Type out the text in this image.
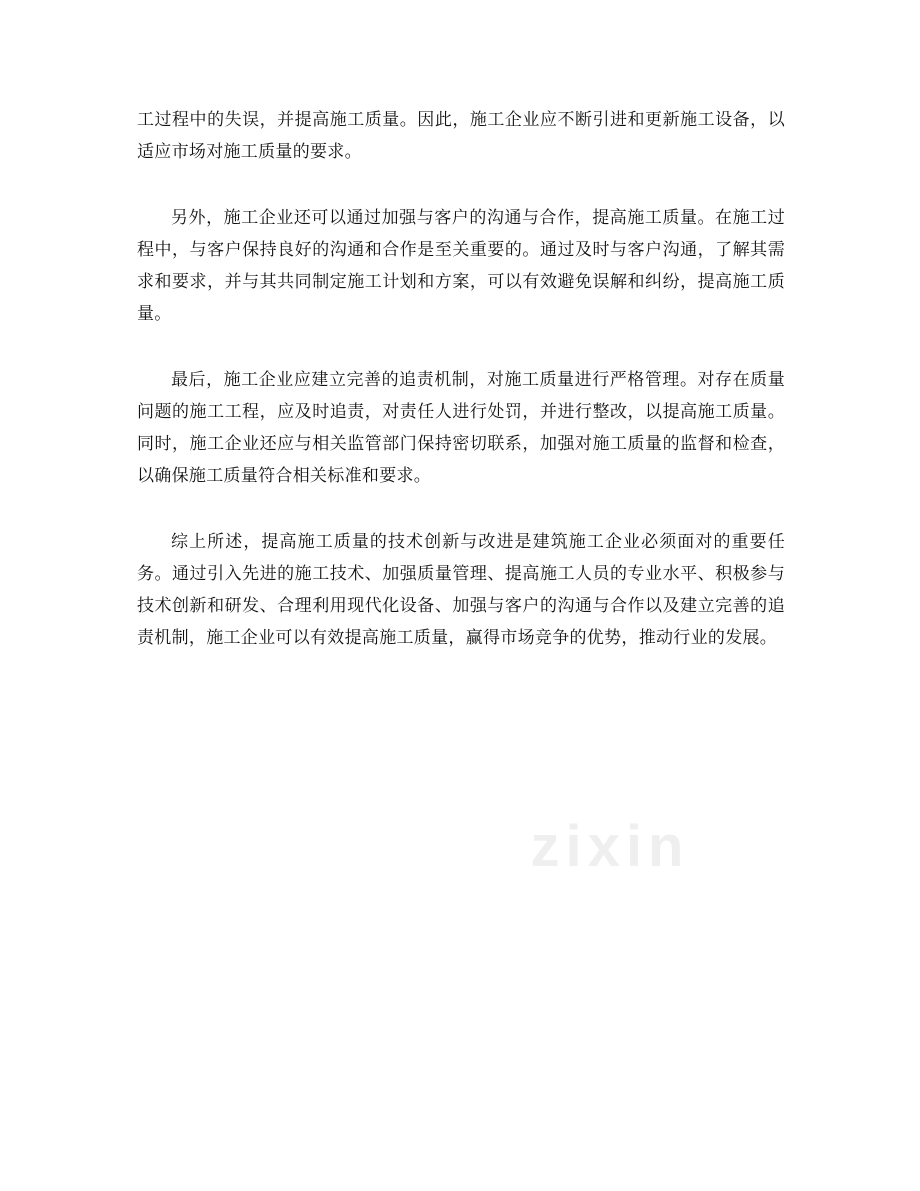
工过程中的失误，并提高施工质量。因此，施工企业应不断引进和更新施工设备，以适应市场对施工质量的要求。

另外，施工企业还可以通过加强与客户的沟通与合作，提高施工质量。在施工过程中，与客户保持良好的沟通和合作是至关重要的。通过及时与客户沟通，了解其需求和要求，并与其共同制定施工计划和方案，可以有效避免误解和纠纷，提高施工质量。

最后，施工企业应建立完善的追责机制，对施工质量进行严格管理。对存在质量问题的施工工程，应及时追责，对责任人进行处罚，并进行整改，以提高施工质量。同时，施工企业还应与相关监管部门保持密切联系，加强对施工质量的监督和检查，以确保施工质量符合相关标准和要求。

综上所述，提高施工质量的技术创新与改进是建筑施工企业必须面对的重要任务。通过引入先进的施工技术、加强质量管理、提高施工人员的专业水平、积极参与技术创新和研发、合理利用现代化设备、加强与客户的沟通与合作以及建立完善的追责机制，施工企业可以有效提高施工质量，赢得市场竞争的优势，推动行业的发展。

zixin
